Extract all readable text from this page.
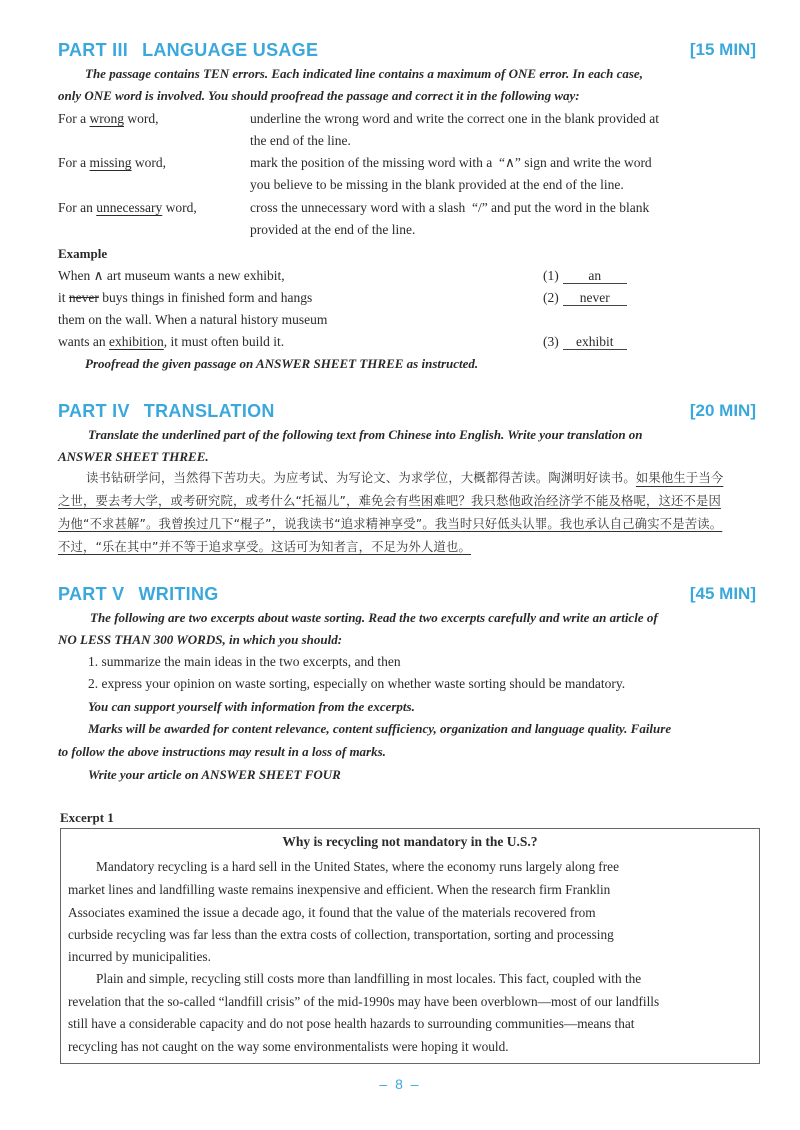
PART III LANGUAGE USAGE	[15 MIN]
The passage contains TEN errors. Each indicated line contains a maximum of ONE error. In each case,
only ONE word is involved. You should proofread the passage and correct it in the following way:
For a wrong word,	underline the wrong word and write the correct one in the blank provided at
the end of the line.
For a missing word,	mark the position of the missing word with a  “∧” sign and write the word
you believe to be missing in the blank provided at the end of the line.
For an unnecessary word,	cross the unnecessary word with a slash  “/” and put the word in the blank
provided at the end of the line.
Example
When ∧ art museum wants a new exhibit,	(1) an
it never buys things in finished form and hangs	(2) never
them on the wall. When a natural history museum
wants an exhibition, it must often build it.	(3) exhibit
Proofread the given passage on ANSWER SHEET THREE as instructed.
PART IV TRANSLATION	[20 MIN]
Translate the underlined part of the following text from Chinese into English. Write your translation on
ANSWER SHEET THREE.
读书钻研学问，当然得下苦功夫。为应考试、为写论文、为求学位，大概都得苦读。陶渊明好读书。如果他生于当今
之世，要去考大学，或考研究院，或考什么“托福儿”，难免会有些困难吧？我只愁他政治经济学不能及格呢，这还不是因
为他“不求甚解”。我曾挨过几下“棍子”，说我读书“追求精神享受”。我当时只好低头认罪。我也承认自己确实不是苦读。
不过，“乐在其中”并不等于追求享受。这话可为知者言，不足为外人道也。
PART V WRITING	[45 MIN]
The following are two excerpts about waste sorting. Read the two excerpts carefully and write an article of
NO LESS THAN 300 WORDS, in which you should:
1. summarize the main ideas in the two excerpts, and then
2. express your opinion on waste sorting, especially on whether waste sorting should be mandatory.
You can support yourself with information from the excerpts.
Marks will be awarded for content relevance, content sufficiency, organization and language quality. Failure
to follow the above instructions may result in a loss of marks.
Write your article on ANSWER SHEET FOUR
Excerpt 1
Why is recycling not mandatory in the U.S.?
Mandatory recycling is a hard sell in the United States, where the economy runs largely along free
market lines and landfilling waste remains inexpensive and efficient. When the research firm Franklin
Associates examined the issue a decade ago, it found that the value of the materials recovered from
curbside recycling was far less than the extra costs of collection, transportation, sorting and processing
incurred by municipalities.
Plain and simple, recycling still costs more than landfilling in most locales. This fact, coupled with the
revelation that the so-called “landfill crisis” of the mid-1990s may have been overblown—most of our landfills
still have a considerable capacity and do not pose health hazards to surrounding communities—means that
recycling has not caught on the way some environmentalists were hoping it would.
– 8 –
